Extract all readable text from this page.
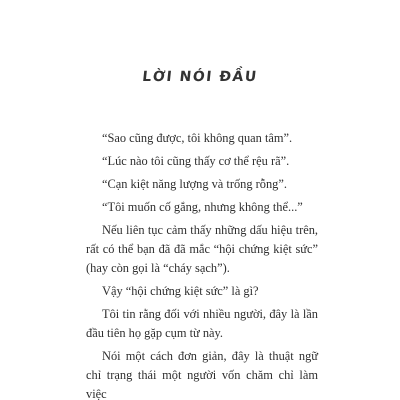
LỜI NÓI ĐẦU
“Sao cũng được, tôi không quan tâm”.
“Lúc nào tôi cũng thấy cơ thể rệu rã”.
“Cạn kiệt năng lượng và trống rỗng”.
“Tôi muốn cố gắng, nhưng không thể...”
Nếu liên tục cảm thấy những dấu hiệu trên,
rất có thể bạn đã đã mắc “hội chứng kiệt sức”
(hay còn gọi là “cháy sạch”).
Vậy “hội chứng kiệt sức” là gì?
Tôi tin rằng đối với nhiều người, đây là lần
đầu tiên họ gặp cụm từ này.
Nói một cách đơn giản, đây là thuật ngữ
chỉ trạng thái một người vốn chăm chỉ làm việc
